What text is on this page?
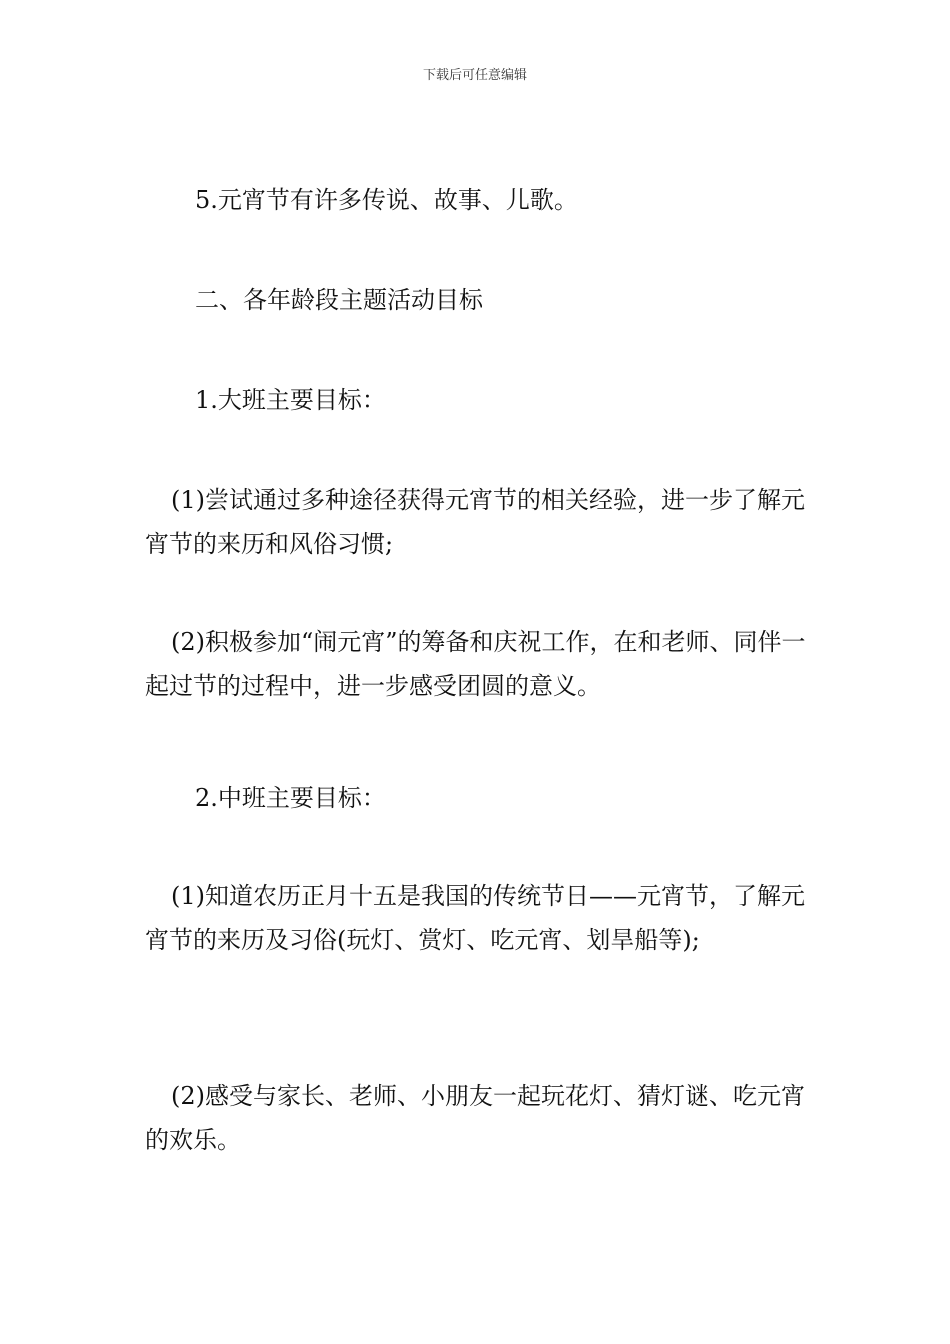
下载后可任意编辑

5.元宵节有许多传说、故事、儿歌。

二、各年龄段主题活动目标

1.大班主要目标：

(1)尝试通过多种途径获得元宵节的相关经验，进一步了解元宵节的来历和风俗习惯;

(2)积极参加“闹元宵”的筹备和庆祝工作，在和老师、同伴一起过节的过程中，进一步感受团圆的意义。

2.中班主要目标：

(1)知道农历正月十五是我国的传统节日——元宵节，了解元宵节的来历及习俗(玩灯、赏灯、吃元宵、划旱船等);

(2)感受与家长、老师、小朋友一起玩花灯、猜灯谜、吃元宵的欢乐。
